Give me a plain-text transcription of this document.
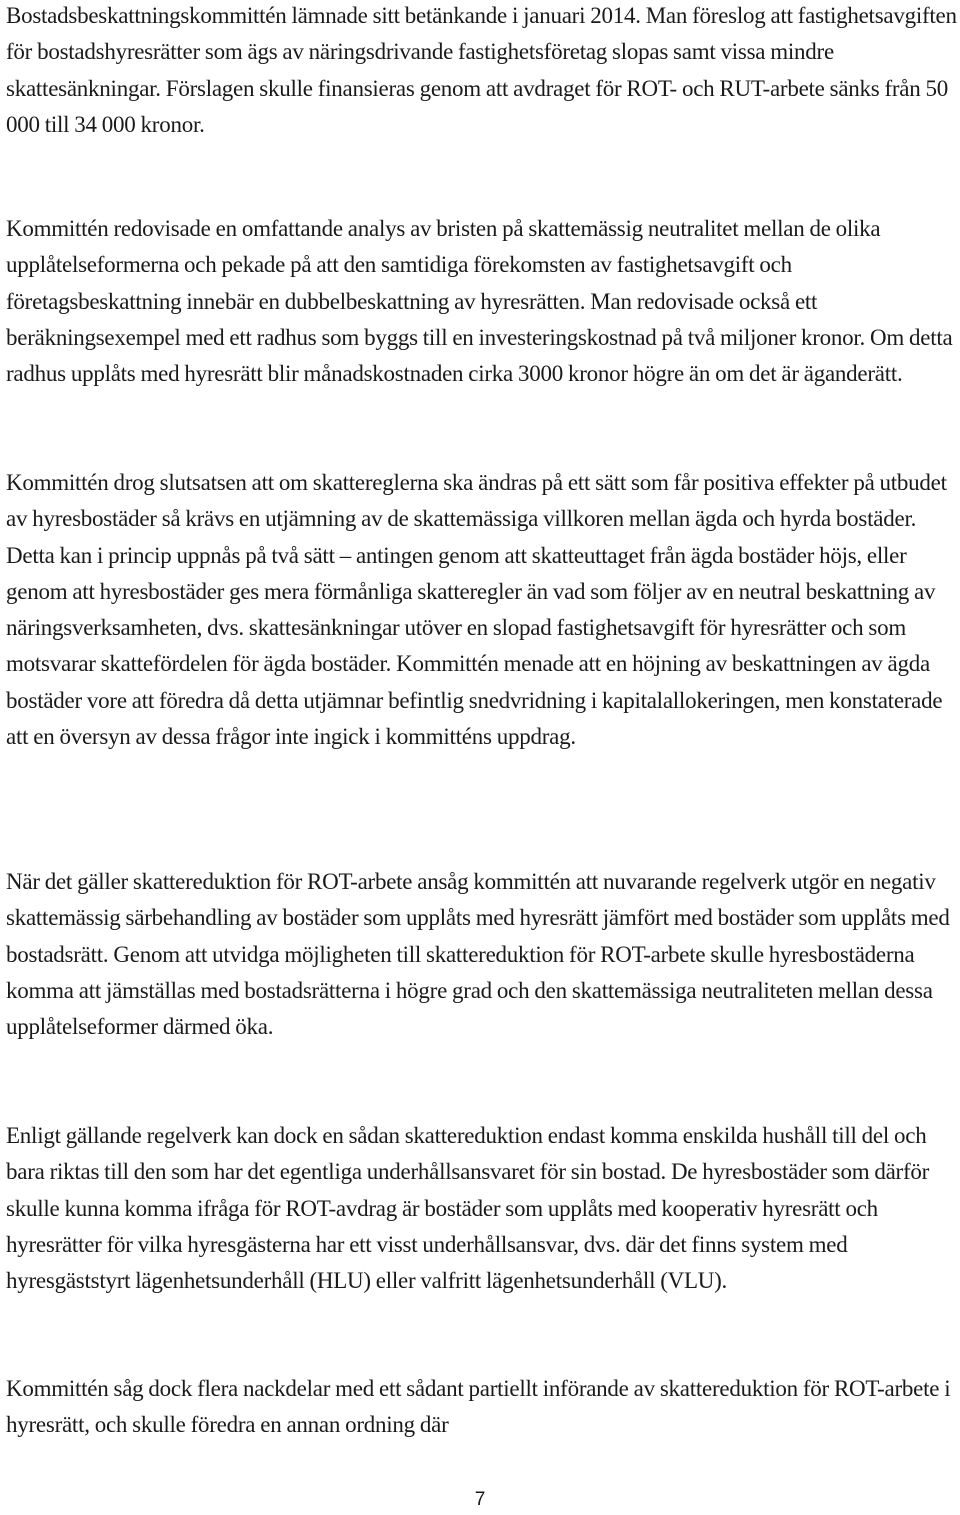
Bostadsbeskattningskommittén lämnade sitt betänkande i januari 2014. Man föreslog att fastighetsavgiften för bostadshyresrätter som ägs av näringsdrivande fastighetsföretag slopas samt vissa mindre skattesänkningar. Förslagen skulle finansieras genom att avdraget för ROT- och RUT-arbete sänks från 50 000 till 34 000 kronor.

Kommittén redovisade en omfattande analys av bristen på skattemässig neutralitet mellan de olika upplåtelseformerna och pekade på att den samtidiga förekomsten av fastighetsavgift och företagsbeskattning innebär en dubbelbeskattning av hyresrätten. Man redovisade också ett beräkningsexempel med ett radhus som byggs till en investeringskostnad på två miljoner kronor. Om detta radhus upplåts med hyresrätt blir månadskostnaden cirka 3000 kronor högre än om det är äganderätt.

Kommittén drog slutsatsen att om skattereglerna ska ändras på ett sätt som får positiva effekter på utbudet av hyresbostäder så krävs en utjämning av de skattemässiga villkoren mellan ägda och hyrda bostäder. Detta kan i princip uppnås på två sätt – antingen genom att skatteuttaget från ägda bostäder höjs, eller genom att hyresbostäder ges mera förmånliga skatteregler än vad som följer av en neutral beskattning av näringsverksamheten, dvs. skattesänkningar utöver en slopad fastighetsavgift för hyresrätter och som motsvarar skattefördelen för ägda bostäder. Kommittén menade att en höjning av beskattningen av ägda bostäder vore att föredra då detta utjämnar befintlig snedvridning i kapitalallokeringen, men konstaterade att en översyn av dessa frågor inte ingick i kommitténs uppdrag.

När det gäller skattereduktion för ROT-arbete ansåg kommittén att nuvarande regelverk utgör en negativ skattemässig särbehandling av bostäder som upplåts med hyresrätt jämfört med bostäder som upplåts med bostadsrätt. Genom att utvidga möjligheten till skattereduktion för ROT-arbete skulle hyresbostäderna komma att jämställas med bostadsrätterna i högre grad och den skattemässiga neutraliteten mellan dessa upplåtelseformer därmed öka.

Enligt gällande regelverk kan dock en sådan skattereduktion endast komma enskilda hushåll till del och bara riktas till den som har det egentliga underhållsansvaret för sin bostad. De hyresbostäder som därför skulle kunna komma ifråga för ROT-avdrag är bostäder som upplåts med kooperativ hyresrätt och hyresrätter för vilka hyresgästerna har ett visst underhållsansvar, dvs. där det finns system med hyresgäststyrt lägenhetsunderhåll (HLU) eller valfritt lägenhetsunderhåll (VLU).

Kommittén såg dock flera nackdelar med ett sådant partiellt införande av skattereduktion för ROT-arbete i hyresrätt, och skulle föredra en annan ordning där

7
